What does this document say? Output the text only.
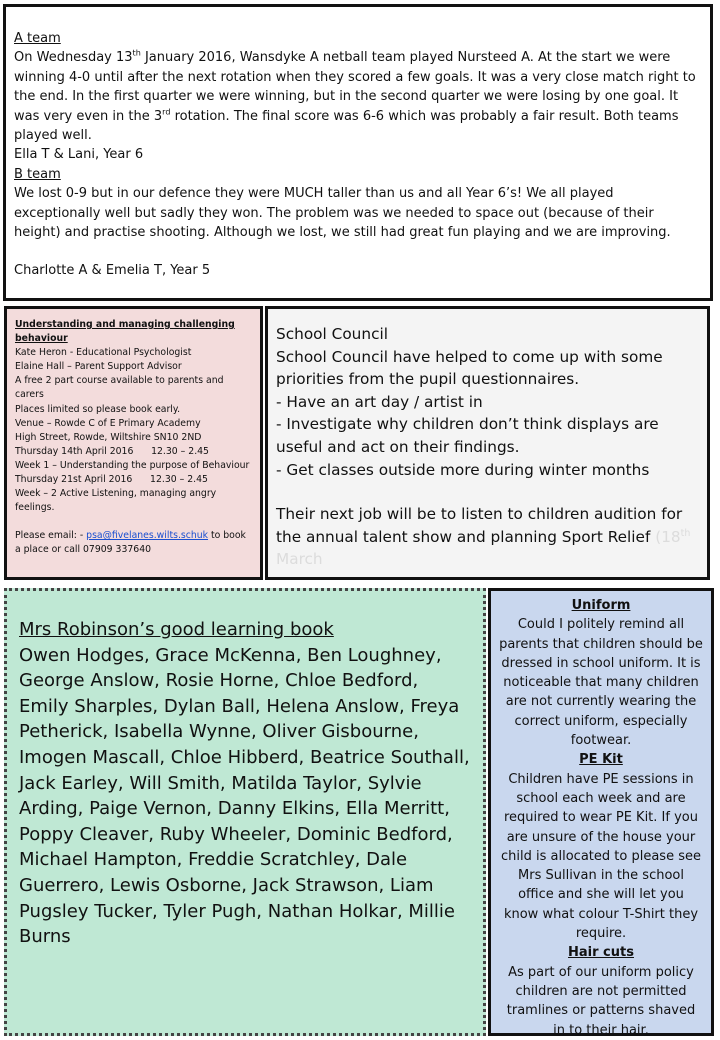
A team

On Wednesday 13th January 2016, Wansdyke A netball team played Nursteed A. At the start we were winning 4-0 until after the next rotation when they scored a few goals. It was a very close match right to the end. In the first quarter we were winning, but in the second quarter we were losing by one goal. It was very even in the 3rd rotation. The final score was 6-6 which was probably a fair result. Both teams played well.

Ella T & Lani, Year 6
B team

We lost 0-9 but in our defence they were MUCH taller than us and all Year 6’s! We all played exceptionally well but sadly they won. The problem was we needed to space out (because of their height) and practise shooting. Although we lost, we still had great fun playing and we are improving.

Charlotte A & Emelia T, Year 5
Understanding and managing challenging behaviour
Kate Heron - Educational Psychologist
Elaine Hall – Parent Support Advisor
A free 2 part course available to parents and carers
Places limited so please book early.
Venue – Rowde C of E Primary Academy
High Street, Rowde, Wiltshire SN10 2ND
Thursday 14th April 2016      12.30 – 2.45
Week 1 – Understanding the purpose of Behaviour
Thursday 21st April 2016      12.30 – 2.45
Week – 2 Active Listening, managing angry feelings.
Please email: - psa@fivelanes.wilts.schuk to book a place or call 07909 337640
School Council
School Council have helped to come up with some priorities from the pupil questionnaires.
- Have an art day / artist in
- Investigate why children don’t think displays are useful and act on their findings.
- Get classes outside more during winter months
Their next job will be to listen to children audition for the annual talent show and planning Sport Relief (18th March
Mrs Robinson’s good learning book
Owen Hodges, Grace McKenna, Ben Loughney, George Anslow, Rosie Horne, Chloe Bedford, Emily Sharples, Dylan Ball, Helena Anslow, Freya Petherick, Isabella Wynne, Oliver Gisbourne, Imogen Mascall, Chloe Hibberd, Beatrice Southall, Jack Earley, Will Smith, Matilda Taylor, Sylvie Arding, Paige Vernon, Danny Elkins, Ella Merritt, Poppy Cleaver, Ruby Wheeler, Dominic Bedford, Michael Hampton, Freddie Scratchley, Dale Guerrero, Lewis Osborne, Jack Strawson, Liam Pugsley Tucker, Tyler Pugh, Nathan Holkar, Millie Burns
Uniform
Could I politely remind all parents that children should be dressed in school uniform. It is noticeable that many children are not currently wearing the correct uniform, especially footwear.
PE Kit
Children have PE sessions in school each week and are required to wear PE Kit. If you are unsure of the house your child is allocated to please see Mrs Sullivan in the school office and she will let you know what colour T-Shirt they require.
Hair cuts
As part of our uniform policy children are not permitted tramlines or patterns shaved in to their hair.
